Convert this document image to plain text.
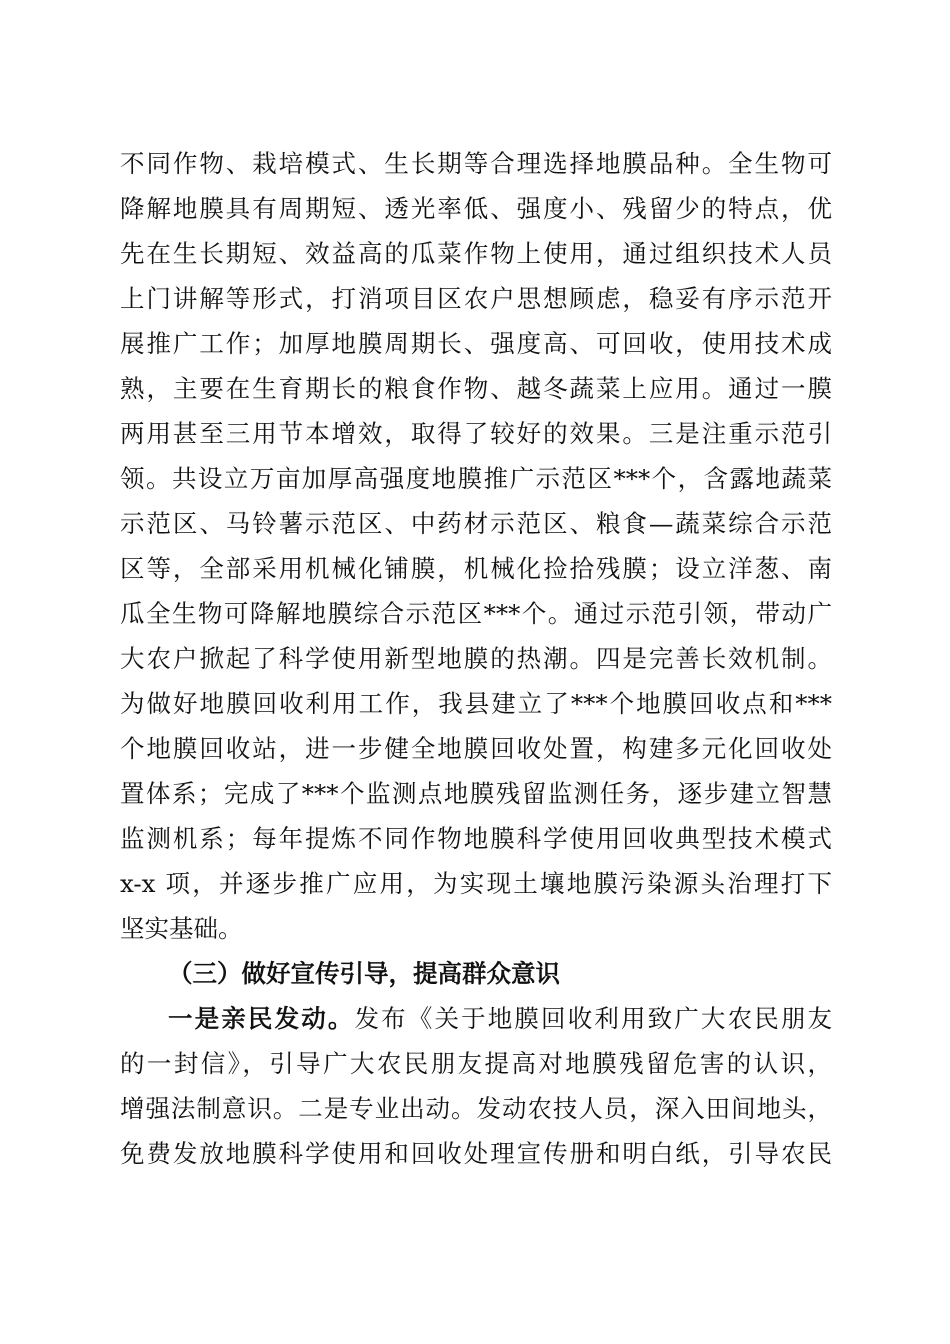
不同作物、栽培模式、生长期等合理选择地膜品种。全生物可
降解地膜具有周期短、透光率低、强度小、残留少的特点，优
先在生长期短、效益高的瓜菜作物上使用，通过组织技术人员
上门讲解等形式，打消项目区农户思想顾虑，稳妥有序示范开
展推广工作；加厚地膜周期长、强度高、可回收，使用技术成
熟，主要在生育期长的粮食作物、越冬蔬菜上应用。通过一膜
两用甚至三用节本增效，取得了较好的效果。三是注重示范引
领。共设立万亩加厚高强度地膜推广示范区***个，含露地蔬菜
示范区、马铃薯示范区、中药材示范区、粮食—蔬菜综合示范
区等，全部采用机械化铺膜，机械化捡拾残膜；设立洋葱、南
瓜全生物可降解地膜综合示范区***个。通过示范引领，带动广
大农户掀起了科学使用新型地膜的热潮。四是完善长效机制。
为做好地膜回收利用工作，我县建立了***个地膜回收点和***
个地膜回收站，进一步健全地膜回收处置，构建多元化回收处
置体系；完成了***个监测点地膜残留监测任务，逐步建立智慧
监测机系；每年提炼不同作物地膜科学使用回收典型技术模式
x-x 项，并逐步推广应用，为实现土壤地膜污染源头治理打下
坚实基础。
（三）做好宣传引导，提高群众意识
一是亲民发动。发布《关于地膜回收利用致广大农民朋友
的一封信》，引导广大农民朋友提高对地膜残留危害的认识，
增强法制意识。二是专业出动。发动农技人员，深入田间地头，
免费发放地膜科学使用和回收处理宣传册和明白纸，引导农民
